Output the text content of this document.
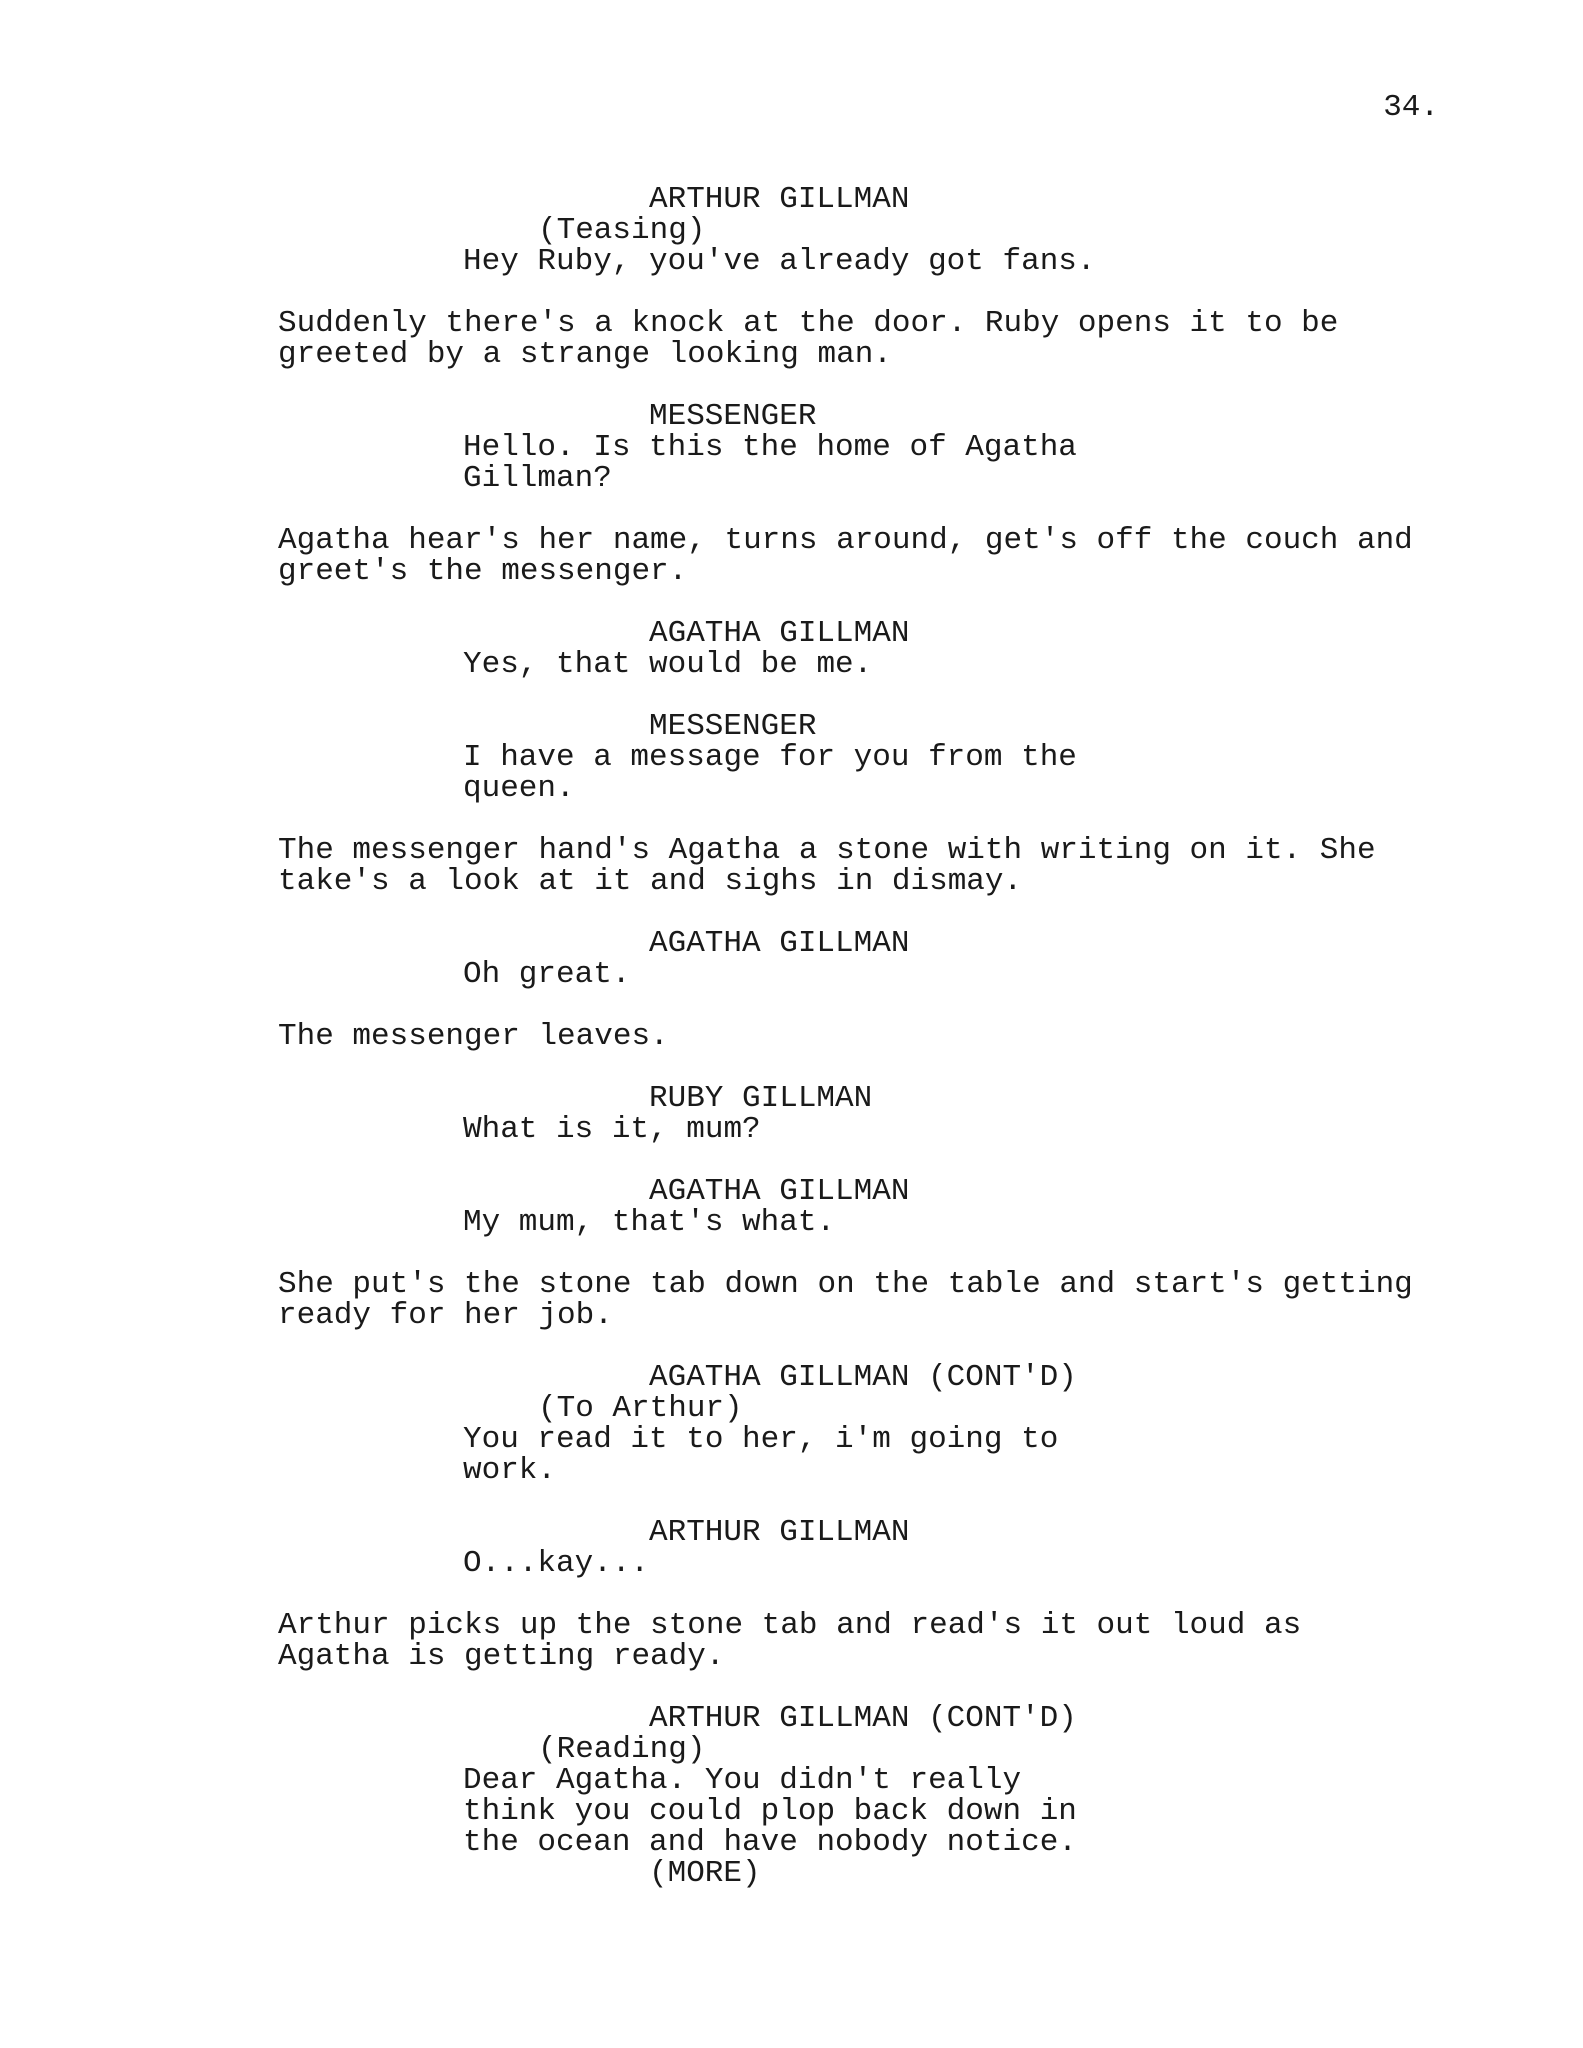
34.
ARTHUR GILLMAN
(Teasing)
Hey Ruby, you've already got fans.
Suddenly there's a knock at the door. Ruby opens it to be
greeted by a strange looking man.
MESSENGER
Hello. Is this the home of Agatha
Gillman?
Agatha hear's her name, turns around, get's off the couch and
greet's the messenger.
AGATHA GILLMAN
Yes, that would be me.
MESSENGER
I have a message for you from the
queen.
The messenger hand's Agatha a stone with writing on it. She
take's a look at it and sighs in dismay.
AGATHA GILLMAN
Oh great.
The messenger leaves.
RUBY GILLMAN
What is it, mum?
AGATHA GILLMAN
My mum, that's what.
She put's the stone tab down on the table and start's getting
ready for her job.
AGATHA GILLMAN (CONT'D)
(To Arthur)
You read it to her, i'm going to
work.
ARTHUR GILLMAN
O...kay...
Arthur picks up the stone tab and read's it out loud as
Agatha is getting ready.
ARTHUR GILLMAN (CONT'D)
(Reading)
Dear Agatha. You didn't really
think you could plop back down in
the ocean and have nobody notice.
(MORE)
